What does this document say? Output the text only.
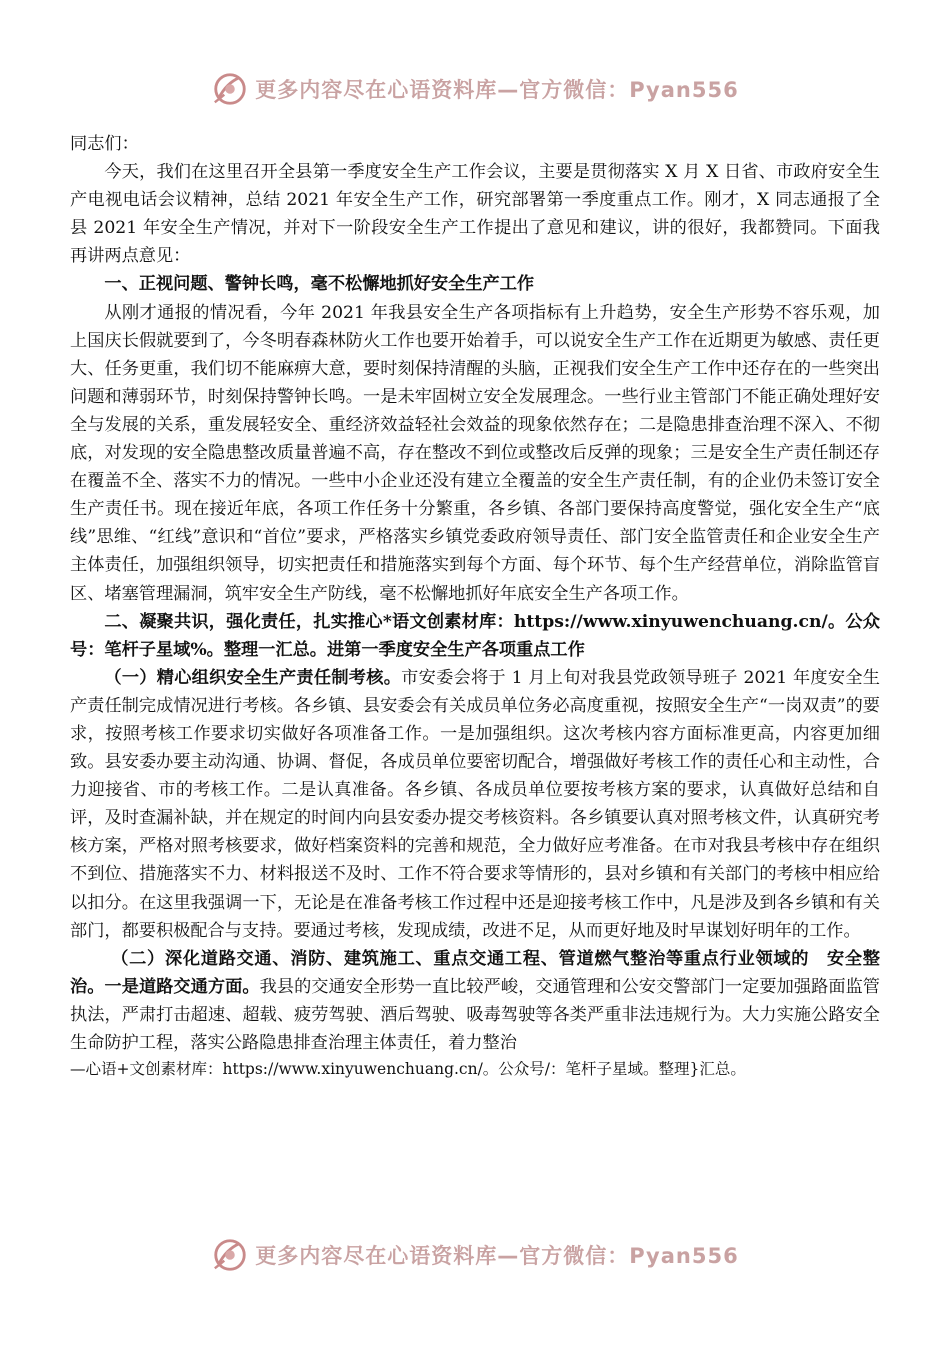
更多内容尽在心语资料库—官方微信：Pyan556

同志们：

今天，我们在这里召开全县第一季度安全生产工作会议，主要是贯彻落实 X 月 X 日省、市政府安全生产电视电话会议精神，总结 2021 年安全生产工作，研究部署第一季度重点工作。刚才，X 同志通报了全县 2021 年安全生产情况，并对下一阶段安全生产工作提出了意见和建议，讲的很好，我都赞同。下面我再讲两点意见：

一、正视问题、警钟长鸣，毫不松懈地抓好安全生产工作

从刚才通报的情况看，今年 2021 年我县安全生产各项指标有上升趋势，安全生产形势不容乐观，加上国庆长假就要到了，今冬明春森林防火工作也要开始着手，可以说安全生产工作在近期更为敏感、责任更大、任务更重，我们切不能麻痹大意，要时刻保持清醒的头脑，正视我们安全生产工作中还存在的一些突出问题和薄弱环节，时刻保持警钟长鸣。一是未牢固树立安全发展理念。一些行业主管部门不能正确处理好安全与发展的关系，重发展轻安全、重经济效益轻社会效益的现象依然存在；二是隐患排查治理不深入、不彻底，对发现的安全隐患整改质量普遍不高，存在整改不到位或整改后反弹的现象；三是安全生产责任制还存在覆盖不全、落实不力的情况。一些中小企业还没有建立全覆盖的安全生产责任制，有的企业仍未签订安全生产责任书。现在接近年底，各项工作任务十分繁重，各乡镇、各部门要保持高度警觉，强化安全生产“底线”思维、“红线”意识和“首位”要求，严格落实乡镇党委政府领导责任、部门安全监管责任和企业安全生产主体责任，加强组织领导，切实把责任和措施落实到每个方面、每个环节、每个生产经营单位，消除监管盲区、堵塞管理漏洞，筑牢安全生产防线，毫不松懈地抓好年底安全生产各项工作。

二、凝聚共识，强化责任，扎实推心*语文创素材库：https://www.xinyuwenchuang.cn/。公众号：笔杆子星域%。整理一汇总。进第一季度安全生产各项重点工作

（一）精心组织安全生产责任制考核。市安委会将于 1 月上旬对我县党政领导班子 2021 年度安全生产责任制完成情况进行考核。各乡镇、县安委会有关成员单位务必高度重视，按照安全生产“一岗双责”的要求，按照考核工作要求切实做好各项准备工作。一是加强组织。这次考核内容方面标准更高，内容更加细致。县安委办要主动沟通、协调、督促，各成员单位要密切配合，增强做好考核工作的责任心和主动性，合力迎接省、市的考核工作。二是认真准备。各乡镇、各成员单位要按考核方案的要求，认真做好总结和自评，及时查漏补缺，并在规定的时间内向县安委办提交考核资料。各乡镇要认真对照考核文件，认真研究考核方案，严格对照考核要求，做好档案资料的完善和规范，全力做好应考准备。在市对我县考核中存在组织不到位、措施落实不力、材料报送不及时、工作不符合要求等情形的，县对乡镇和有关部门的考核中相应给以扣分。在这里我强调一下，无论是在准备考核工作过程中还是迎接考核工作中，凡是涉及到各乡镇和有关部门，都要积极配合与支持。要通过考核，发现成绩，改进不足，从而更好地及时早谋划好明年的工作。

（二）深化道路交通、消防、建筑施工、重点交通工程、管道燃气整治等重点行业领域的　安全整治。一是道路交通方面。我县的交通安全形势一直比较严峻，交通管理和公安交警部门一定要加强路面监管执法，严肃打击超速、超载、疲劳驾驶、酒后驾驶、吸毒驾驶等各类严重非法违规行为。大力实施公路安全生命防护工程，落实公路隐患排查治理主体责任，着力整治

—心语+文创素材库：https://www.xinyuwenchuang.cn/。公众号/：笔杆子星域。整理}汇总。

更多内容尽在心语资料库—官方微信：Pyan556
